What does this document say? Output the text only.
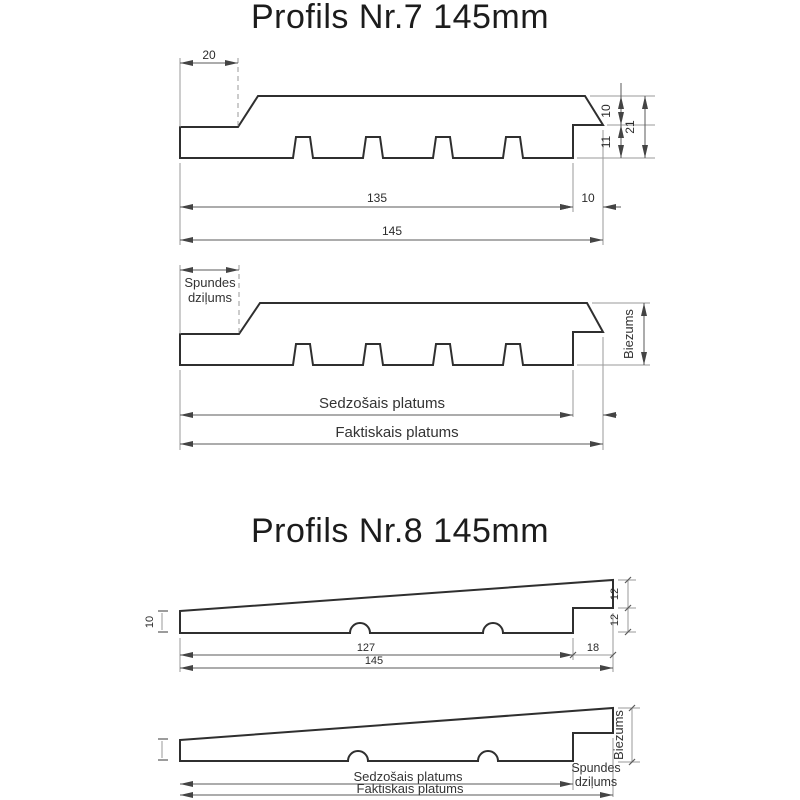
Profils Nr.7 145mm
20
10
21
11
135	10
145
Spundes
dziļums
Biezums
Sedzošais platums
Faktiskais platums
Profils Nr.8 145mm
10
12
12
127	18
145
Biezums
Spundes
dziļums
Sedzošais platums
Faktiskais platums
